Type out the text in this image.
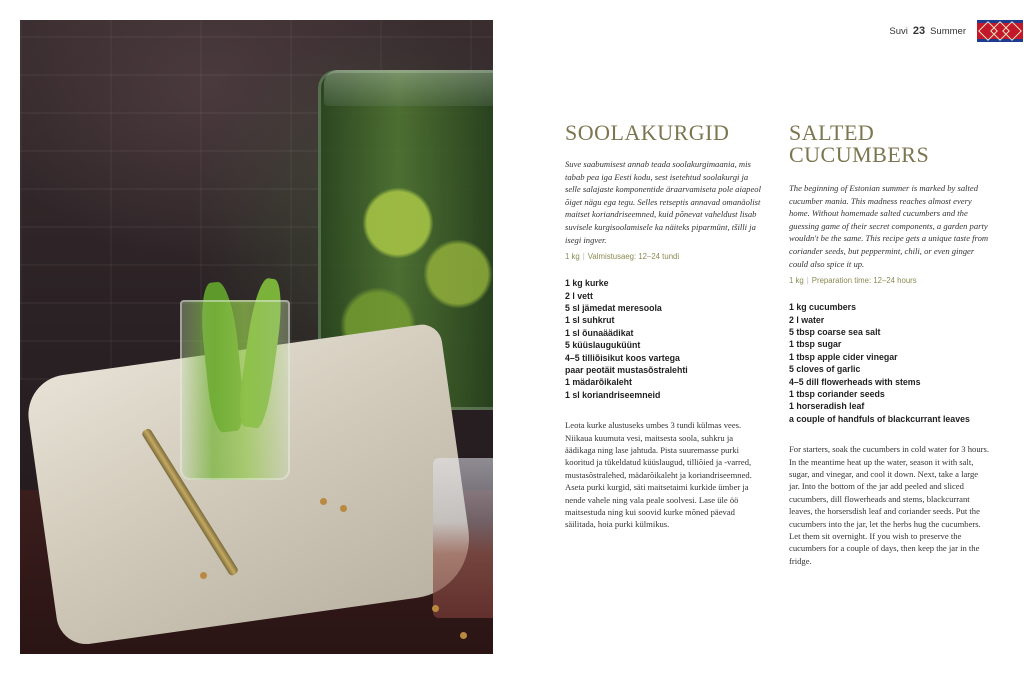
Suvi 23 Summer
SOOLAKURGID

Suve saabumisest annab teada soolakurgimaania, mis tabab pea iga Eesti kodu, sest isetehtud soolakurgi ja selle salajaste komponentide äraarvamiseta pole aiapeol õiget nägu ega tegu. Selles retseptis annavad omanäolist maitset koriandriseemned, kuid põnevat vaheldust lisab suvisele kurgisoolamisele ka näiteks piparmünt, tšilli ja isegi ingver.

1 kg | Valmistusaeg: 12–24 tundi
1 kg kurke
2 l vett
5 sl jämedat meresoola
1 sl suhkrut
1 sl õunaäädikat
5 küüslauguküünt
4–5 tilliõisikut koos vartega
paar peotäit mustasõstralehti
1 mädarõikaleht
1 sl koriandriseemneid

Leota kurke alustuseks umbes 3 tundi külmas vees. Niikaua kuumuta vesi, maitsesta soola, suhkru ja äädikaga ning lase jahtuda. Pista suuremasse purki kooritud ja tükeldatud küüslaugud, tilliõied ja -varred, mustasõstralehed, mädarõikaleht ja koriandriseemned. Aseta purki kurgid, säti maitsetaimi kurkide ümber ja nende vahele ning vala peale soolvesi. Lase üle öö maitsestuda ning kui soovid kurke mõned päevad säilitada, hoia purki külmikus.

SALTED CUCUMBERS

The beginning of Estonian summer is marked by salted cucumber mania. This madness reaches almost every home. Without homemade salted cucumbers and the guessing game of their secret components, a garden party wouldn't be the same. This recipe gets a unique taste from coriander seeds, but peppermint, chili, or even ginger could also spice it up.

1 kg | Preparation time: 12–24 hours
1 kg cucumbers
2 l water
5 tbsp coarse sea salt
1 tbsp sugar
1 tbsp apple cider vinegar
5 cloves of garlic
4–5 dill flowerheads with stems
1 tbsp coriander seeds
1 horseradish leaf
a couple of handfuls of blackcurrant leaves

For starters, soak the cucumbers in cold water for 3 hours. In the meantime heat up the water, season it with salt, sugar, and vinegar, and cool it down. Next, take a large jar. Into the bottom of the jar add peeled and sliced cucumbers, dill flowerheads and stems, blackcurrant leaves, the horsersdish leaf and coriander seeds. Put the cucumbers into the jar, let the herbs hug the cucumbers. Let them sit overnight. If you wish to preserve the cucumbers for a couple of days, then keep the jar in the fridge.
